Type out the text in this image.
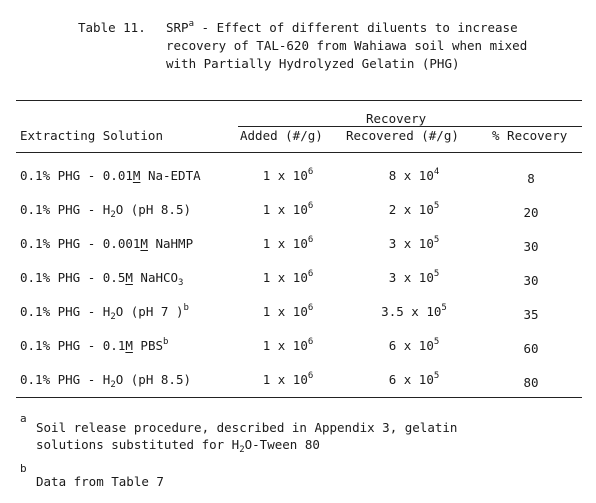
Table 11. SRP$^a$ - Effect of different diluents to increase
recovery of TAL-620 from Wahiawa soil when mixed
with Partially Hydrolyzed Gelatin (PHG)
Recovery
Extracting Solution	Added (#/g) Recovered (#/g)	% Recovery
0.1% PHG - 0.01M Na-EDTA	1 x $10^6$	8 x $10^4$	8
0.1% PHG - $H_2O$ (pH 8.5)	1 x $10^6$	2 x $10^5$	20
0.1% PHG - 0.001M NaHMP	1 x $10^6$	3 x $10^5$	30
0.1% PHG - 0.5M NaHCO$_3$	1 x $10^6$	3 x $10^5$	30
0.1% PHG - $H_2O$ (pH 7 )$^b$	1 x $10^6$	3.5 x $10^5$	35
0.1% PHG - 0.1M PBS$^b$	1 x $10^6$	6 x $10^5$	60
0.1% PHG - $H_2O$ (pH 8.5)	1 x $10^6$	6 x $10^5$	80
a
Soil release procedure, described in Appendix 3, gelatin
solutions substituted for $H_2O$-Tween 80
b
Data from Table 7
